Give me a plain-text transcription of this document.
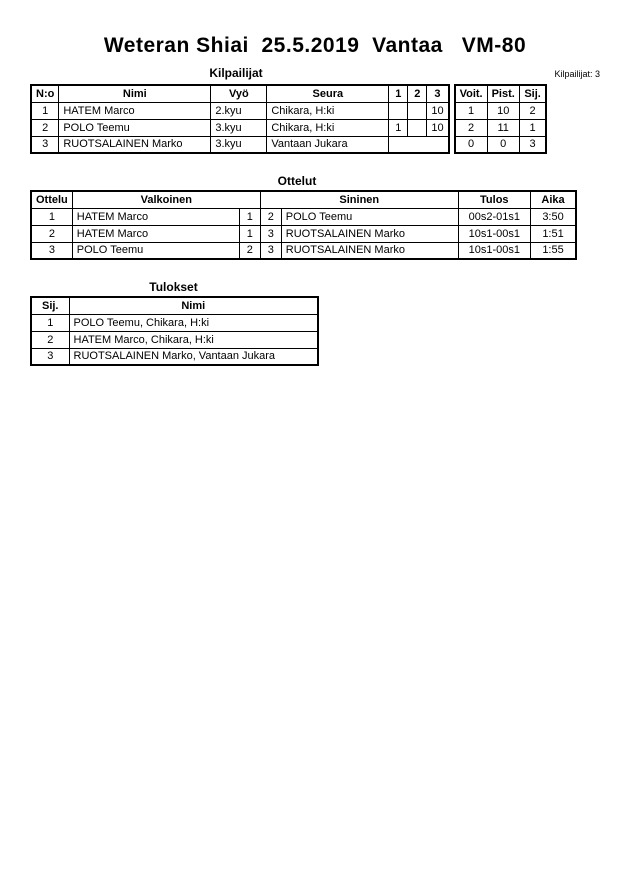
Weteran Shiai  25.5.2019  Vantaa   VM-80
Kilpailijat	Kilpailijat: 3
N:o	Nimi	Vyö	Seura	1	2	3
1	HATEM Marco	2.kyu	Chikara, H:ki			10
2	POLO Teemu	3.kyu	Chikara, H:ki	1		10
3	RUOTSALAINEN Marko	3.kyu	Vantaan Jukara			
Voit.	Pist.	Sij.
1	10	2
2	11	1
0	0	3
Ottelut
Ottelu	Valkoinen		Sininen		Tulos	Aika
1	HATEM Marco	1	2	POLO Teemu	00s2-01s1	3:50
2	HATEM Marco	1	3	RUOTSALAINEN Marko	10s1-00s1	1:51
3	POLO Teemu	2	3	RUOTSALAINEN Marko	10s1-00s1	1:55
Tulokset
Sij.	Nimi
1	POLO Teemu, Chikara, H:ki
2	HATEM Marco, Chikara, H:ki
3	RUOTSALAINEN Marko, Vantaan Jukara
